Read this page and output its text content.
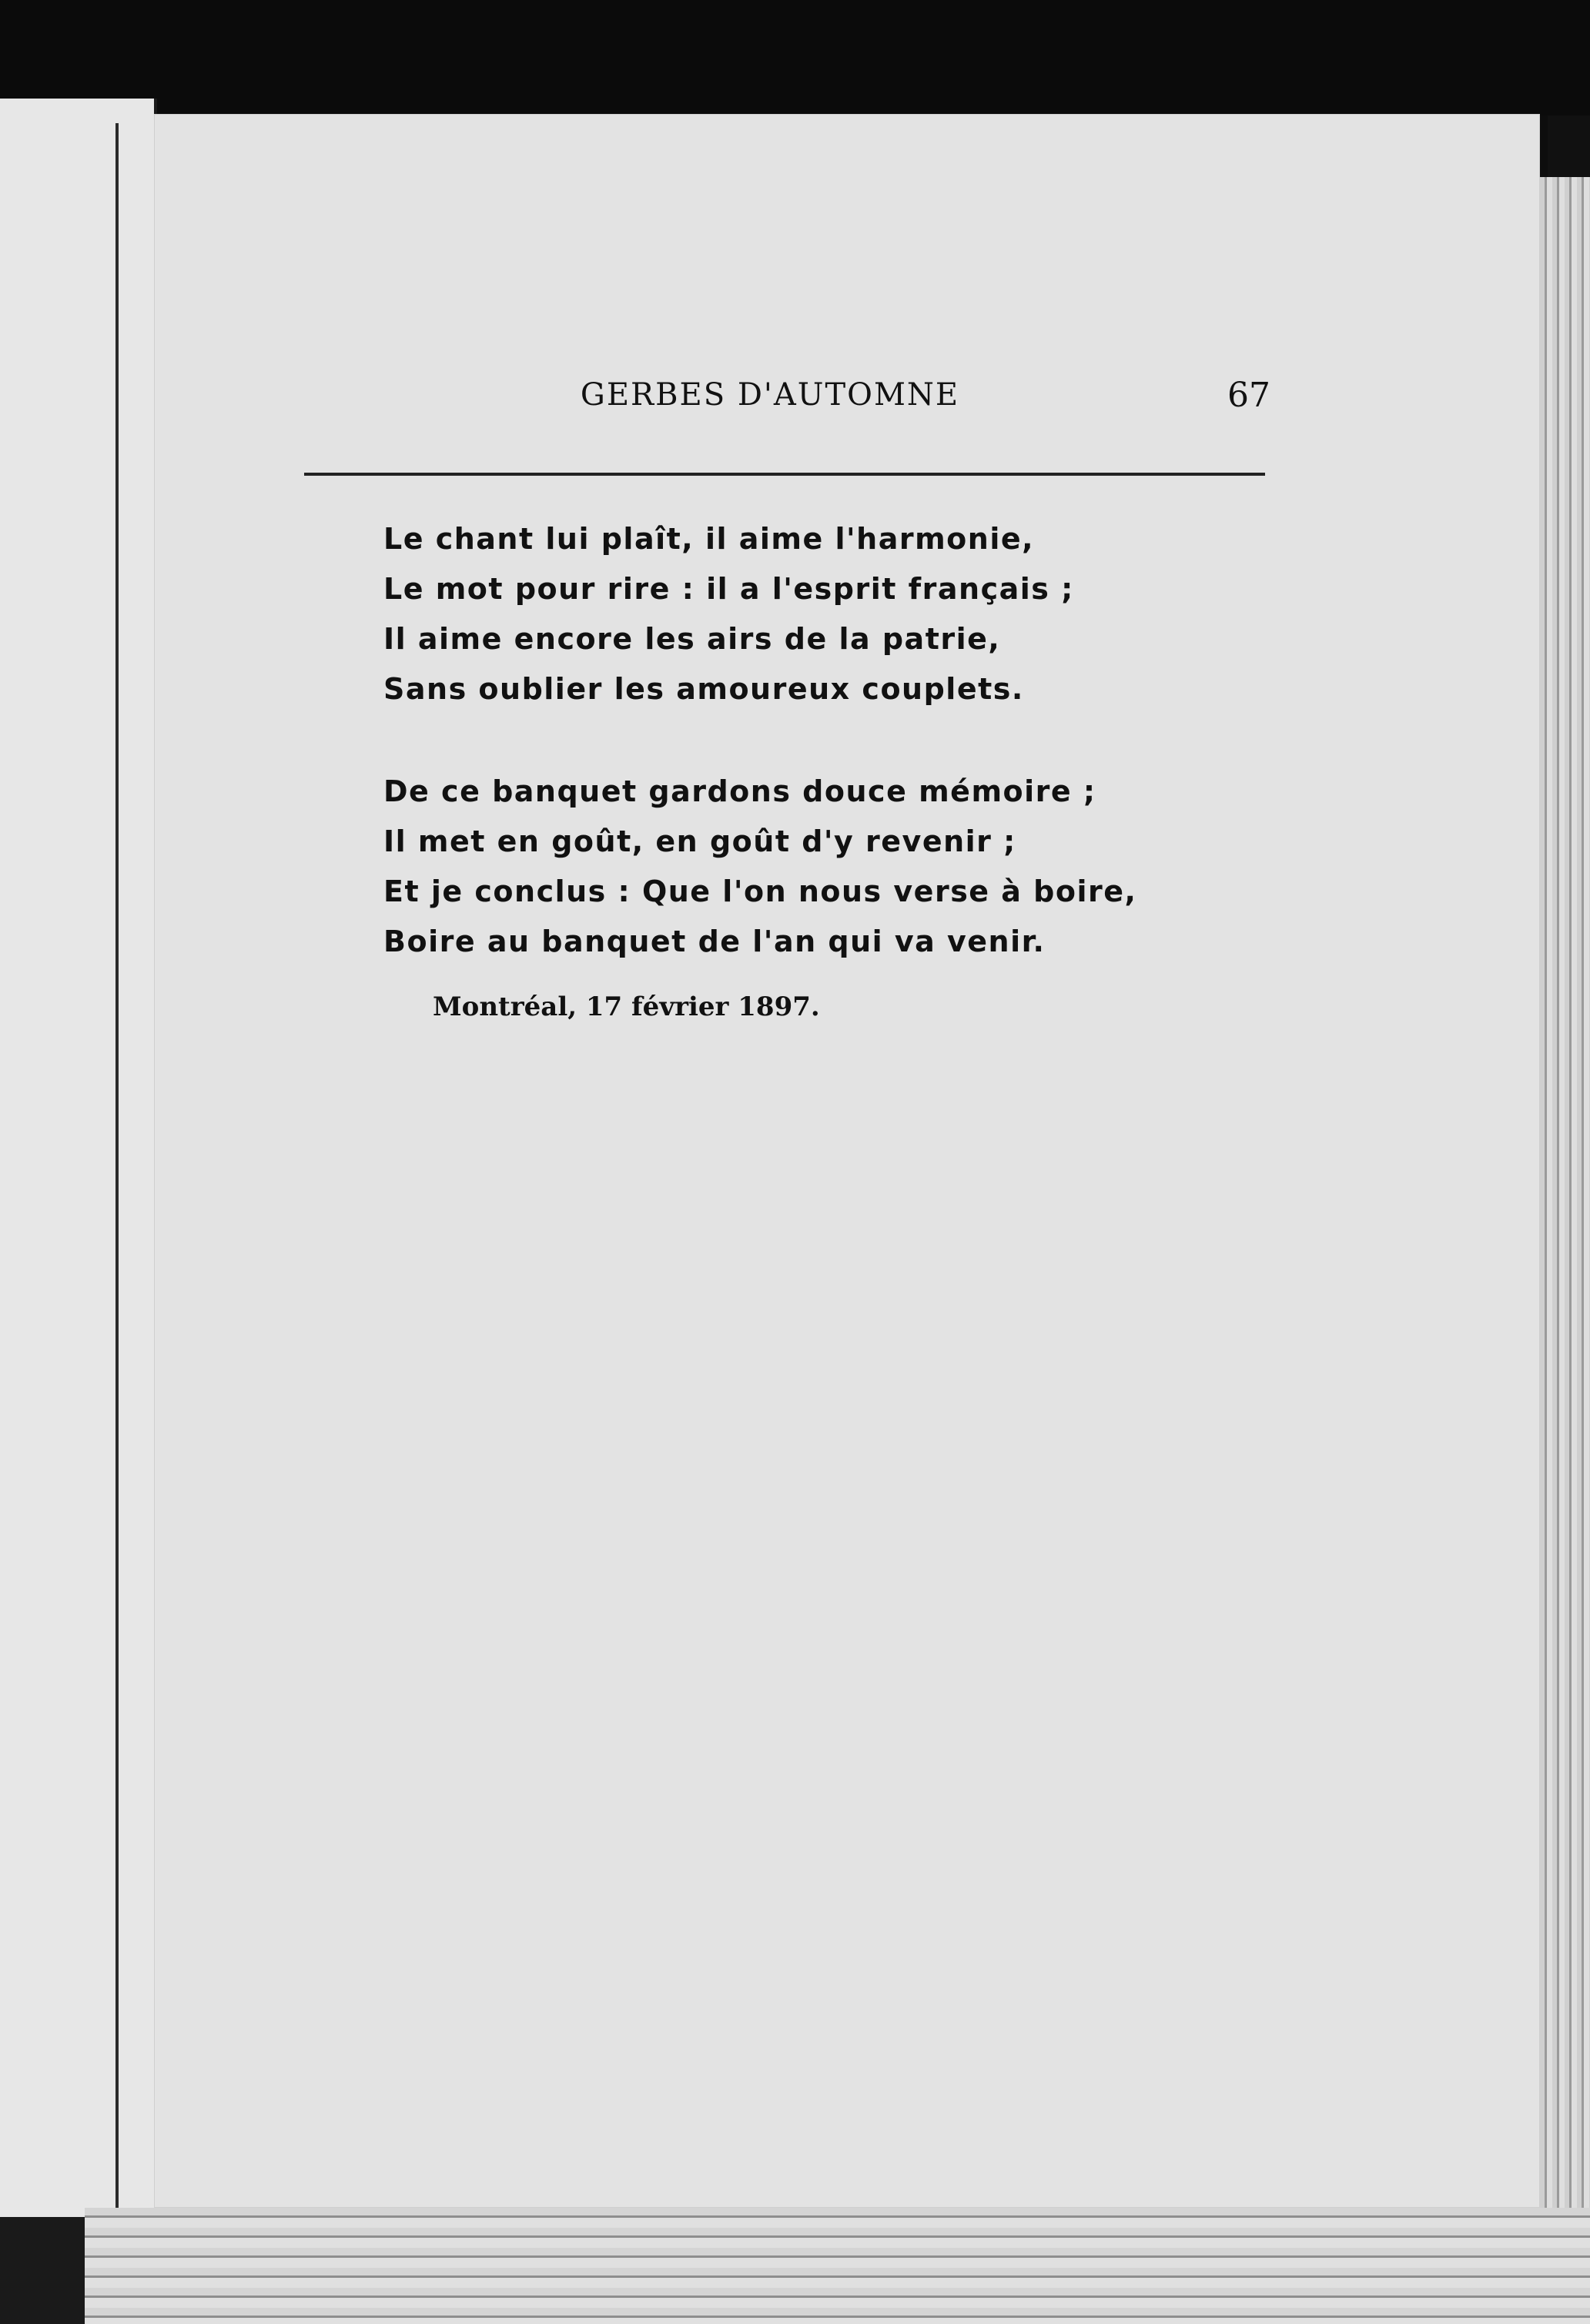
GERBES D'AUTOMNE	67
Le chant lui plaît, il aime l'harmonie,
Le mot pour rire : il a l'esprit français ;
Il aime encore les airs de la patrie,
Sans oublier les amoureux couplets.
De ce banquet gardons douce mémoire ;
Il met en goût, en goût d'y revenir ;
Et je conclus : Que l'on nous verse à boire,
Boire au banquet de l'an qui va venir.
Montréal, 17 février 1897.
